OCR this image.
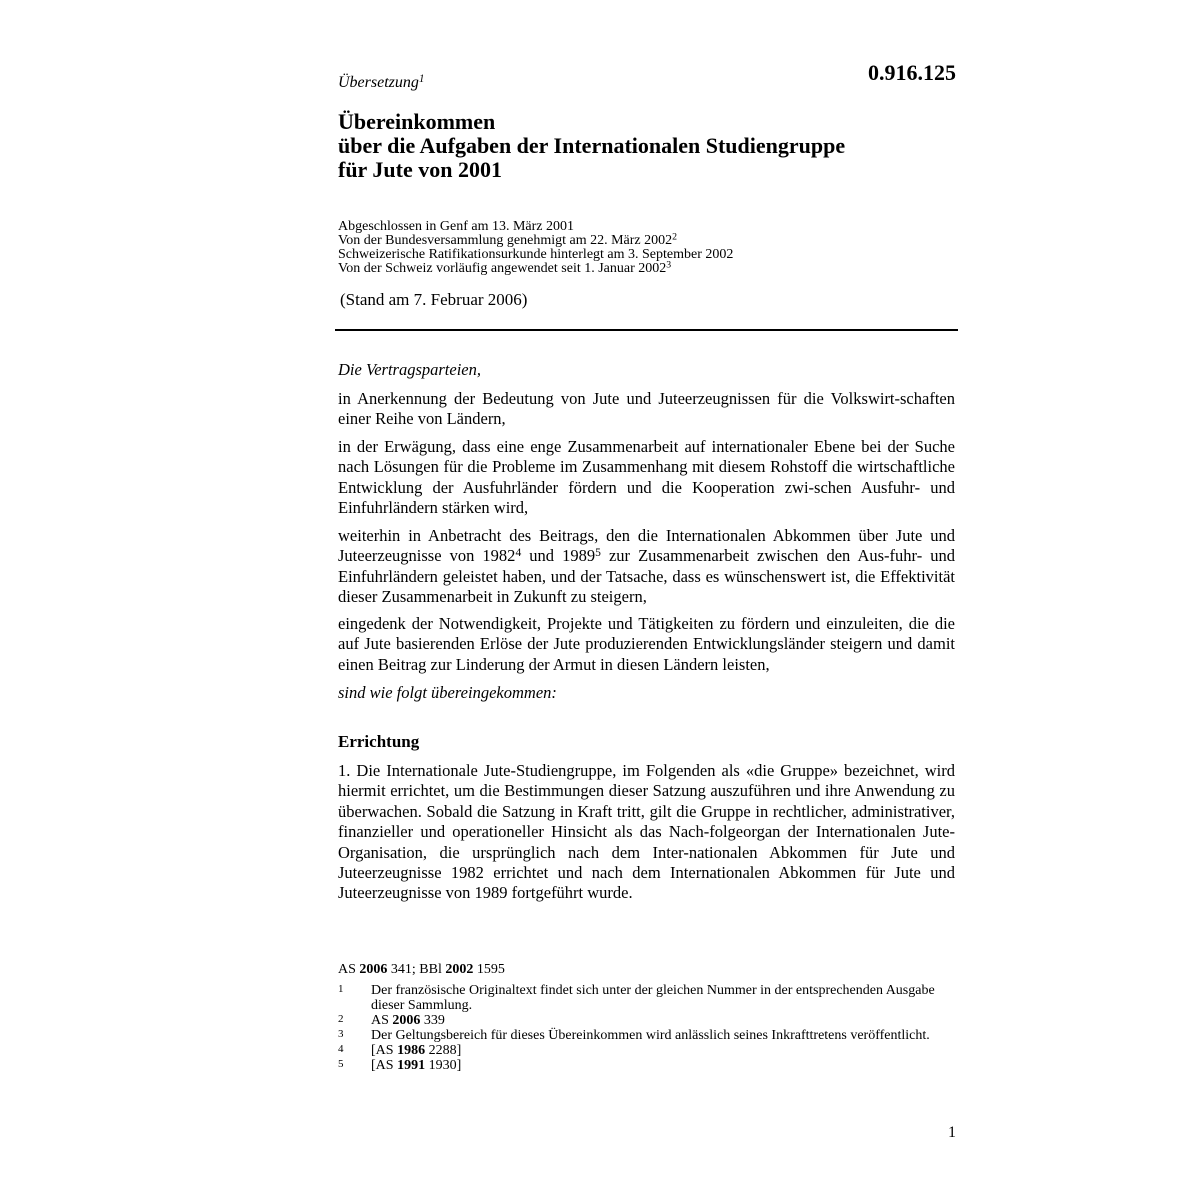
0.916.125
Übersetzung$^1$
Übereinkommen
über die Aufgaben der Internationalen Studiengruppe
für Jute von 2001
Abgeschlossen in Genf am 13. März 2001
Von der Bundesversammlung genehmigt am 22. März 2002$^2$
Schweizerische Ratifikationsurkunde hinterlegt am 3. September 2002
Von der Schweiz vorläufig angewendet seit 1. Januar 2002$^3$
(Stand am 7. Februar 2006)
Die Vertragsparteien,
in Anerkennung der Bedeutung von Jute und Juteerzeugnissen für die Volkswirt-schaften einer Reihe von Ländern,
in der Erwägung, dass eine enge Zusammenarbeit auf internationaler Ebene bei der Suche nach Lösungen für die Probleme im Zusammenhang mit diesem Rohstoff die wirtschaftliche Entwicklung der Ausfuhrländer fördern und die Kooperation zwi-schen Ausfuhr- und Einfuhrländern stärken wird,
weiterhin in Anbetracht des Beitrags, den die Internationalen Abkommen über Jute und Juteerzeugnisse von 1982$^4$ und 1989$^5$ zur Zusammenarbeit zwischen den Aus-fuhr- und Einfuhrländern geleistet haben, und der Tatsache, dass es wünschenswert ist, die Effektivität dieser Zusammenarbeit in Zukunft zu steigern,
eingedenk der Notwendigkeit, Projekte und Tätigkeiten zu fördern und einzuleiten, die die auf Jute basierenden Erlöse der Jute produzierenden Entwicklungsländer steigern und damit einen Beitrag zur Linderung der Armut in diesen Ländern leisten,
sind wie folgt übereingekommen:
Errichtung
1. Die Internationale Jute-Studiengruppe, im Folgenden als «die Gruppe» bezeichnet, wird hiermit errichtet, um die Bestimmungen dieser Satzung auszuführen und ihre Anwendung zu überwachen. Sobald die Satzung in Kraft tritt, gilt die Gruppe in rechtlicher, administrativer, finanzieller und operationeller Hinsicht als das Nach-folgeorgan der Internationalen Jute-Organisation, die ursprünglich nach dem Inter-nationalen Abkommen für Jute und Juteerzeugnisse 1982 errichtet und nach dem Internationalen Abkommen für Jute und Juteerzeugnisse von 1989 fortgeführt wurde.
AS 2006 341; BBl 2002 1595
1	Der französische Originaltext findet sich unter der gleichen Nummer in der entsprechenden Ausgabe dieser Sammlung.
2	AS 2006 339
3	Der Geltungsbereich für dieses Übereinkommen wird anlässlich seines Inkrafttretens veröffentlicht.
4	[AS 1986 2288]
5	[AS 1991 1930]
1
